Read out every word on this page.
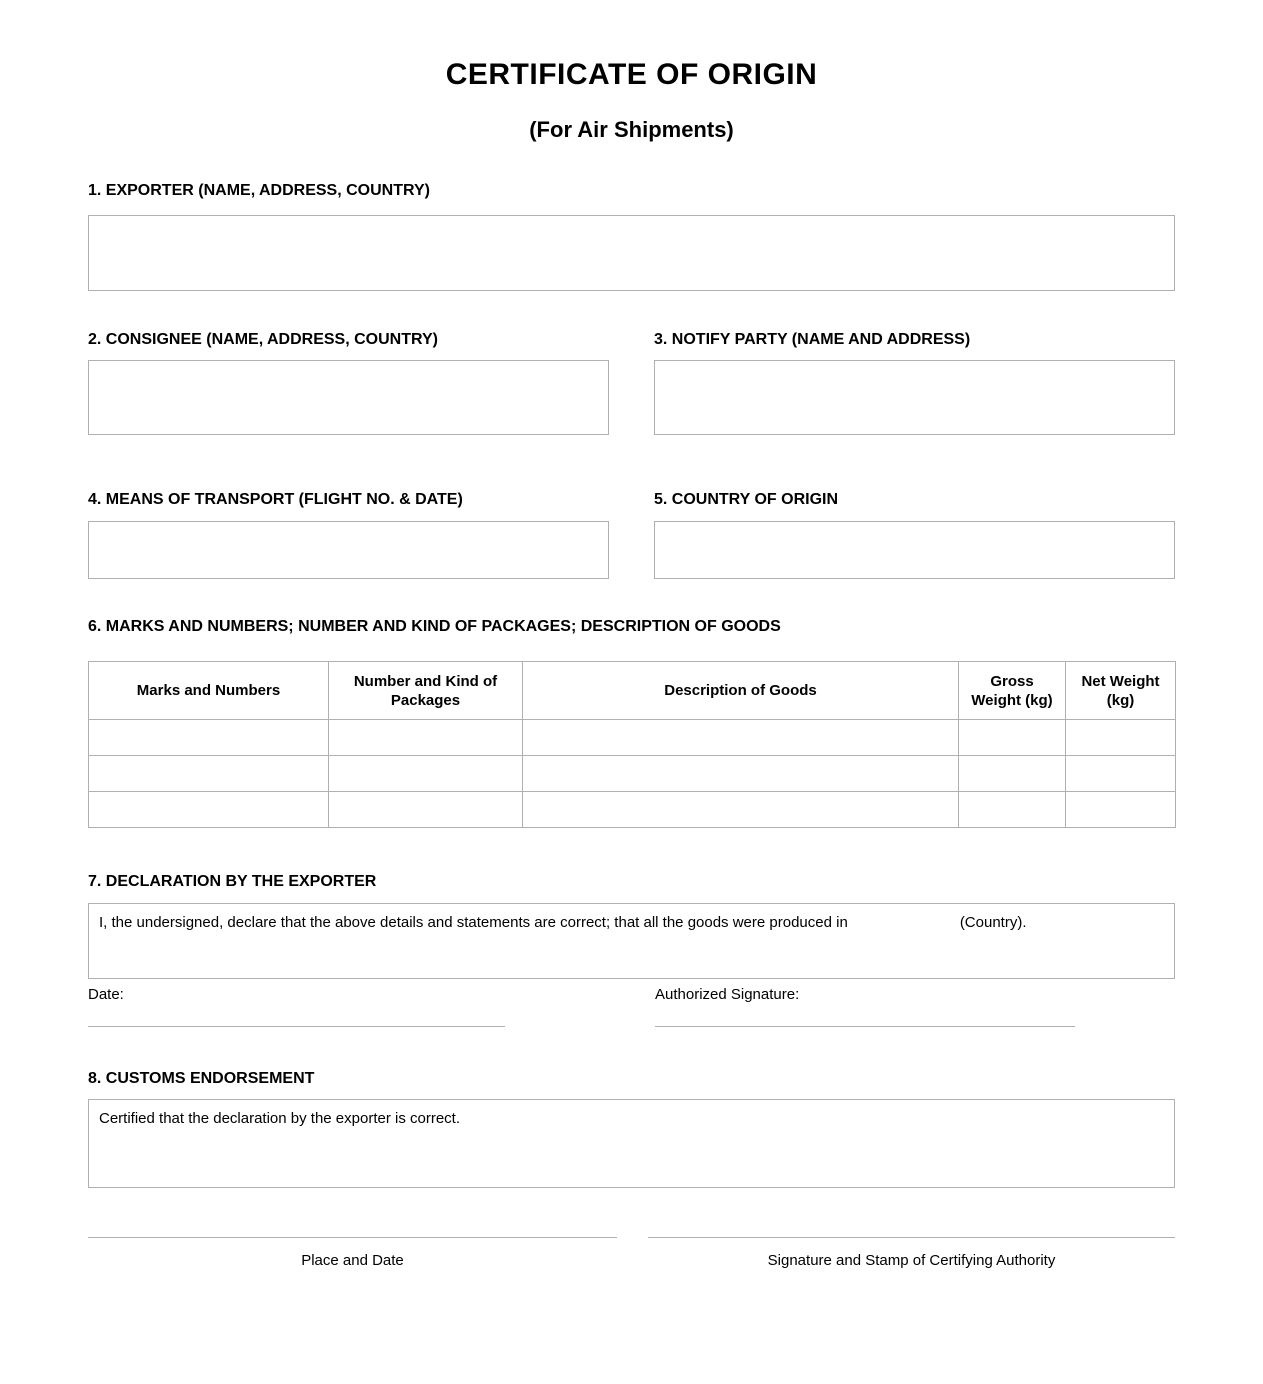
CERTIFICATE OF ORIGIN
(For Air Shipments)
1. EXPORTER (NAME, ADDRESS, COUNTRY)
2. CONSIGNEE (NAME, ADDRESS, COUNTRY)	3. NOTIFY PARTY (NAME AND ADDRESS)
4. MEANS OF TRANSPORT (FLIGHT NO. & DATE)	5. COUNTRY OF ORIGIN
6. MARKS AND NUMBERS; NUMBER AND KIND OF PACKAGES; DESCRIPTION OF GOODS
Marks and Numbers	Number and Kind of Packages	Description of Goods	Gross Weight (kg)	Net Weight (kg)

7. DECLARATION BY THE EXPORTER
I, the undersigned, declare that the above details and statements are correct; that all the goods were produced in	(Country).
Date:	Authorized Signature:
8. CUSTOMS ENDORSEMENT
Certified that the declaration by the exporter is correct.
Place and Date	Signature and Stamp of Certifying Authority
